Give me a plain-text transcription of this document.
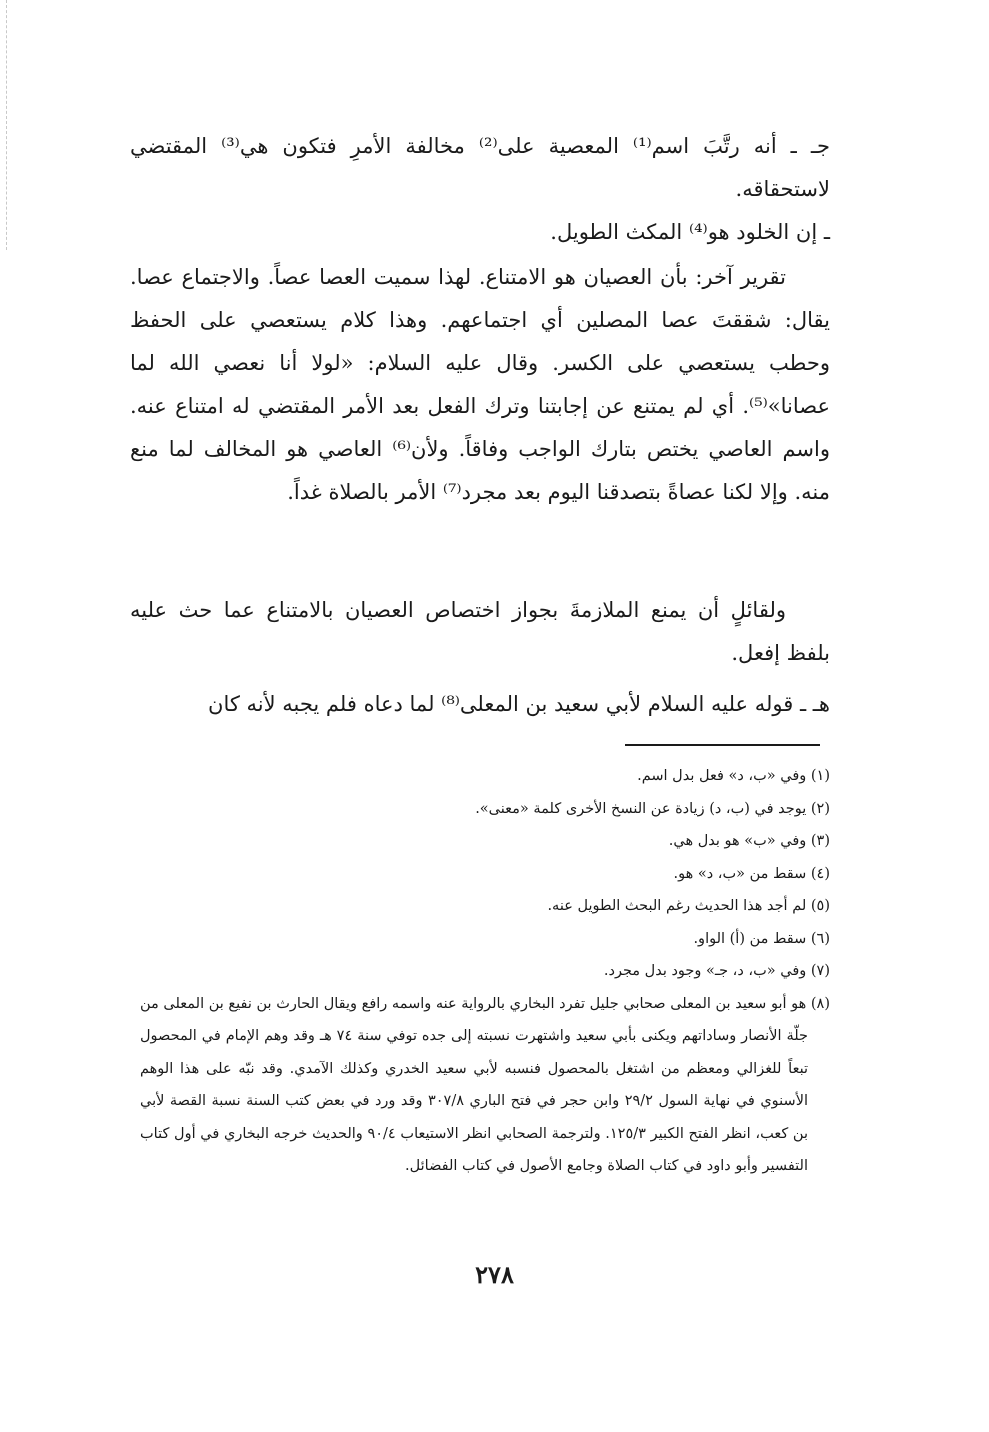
جـ ـ أنه رتَّبَ اسم⁽¹⁾ المعصية على⁽²⁾ مخالفة الأمرِ فتكون هي⁽³⁾ المقتضي لاستحقاقه.

ـ إن الخلود هو⁽⁴⁾ المكث الطويل.

تقرير آخر: بأن العصيان هو الامتناع. لهذا سميت العصا عصاً. والاجتماع عصا. يقال: شققتَ عصا المصلين أي اجتماعهم. وهذا كلام يستعصي على الحفظ وحطب يستعصي على الكسر. وقال عليه السلام: «لولا أنا نعصي الله لما عصانا»⁽⁵⁾. أي لم يمتنع عن إجابتنا وترك الفعل بعد الأمر المقتضي له امتناع عنه. واسم العاصي يختص بتارك الواجب وفاقاً. ولأن⁽⁶⁾ العاصي هو المخالف لما منع منه. وإلا لكنا عصاةً بتصدقنا اليوم بعد مجرد⁽⁷⁾ الأمر بالصلاة غداً.

ولقائلٍ أن يمنع الملازمةَ بجواز اختصاص العصيان بالامتناع عما حث عليه بلفظ إفعل.

هـ ـ قوله عليه السلام لأبي سعيد بن المعلى⁽⁸⁾ لما دعاه فلم يجبه لأنه كان

(١) وفي «ب، د» فعل بدل اسم.

(٢) يوجد في (ب، د) زيادة عن النسخ الأخرى كلمة «معنى».

(٣) وفي «ب» هو بدل هي.

(٤) سقط من «ب، د» هو.

(٥) لم أجد هذا الحديث رغم البحث الطويل عنه.

(٦) سقط من (أ) الواو.

(٧) وفي «ب، د، جـ» وجود بدل مجرد.

(٨) هو أبو سعيد بن المعلى صحابي جليل تفرد البخاري بالرواية عنه واسمه رافع ويقال الحارث بن نفيع بن المعلى من جلّة الأنصار وساداتهم ويكنى بأبي سعيد واشتهرت نسبته إلى جده توفي سنة ٧٤ هـ وقد وهم الإمام في المحصول تبعاً للغزالي ومعظم من اشتغل بالمحصول فنسبه لأبي سعيد الخدري وكذلك الآمدي. وقد نبّه على هذا الوهم الأسنوي في نهاية السول ٢٩/٢ وابن حجر في فتح الباري ٣٠٧/٨ وقد ورد في بعض كتب السنة نسبة القصة لأبي بن كعب، انظر الفتح الكبير ١٢٥/٣. ولترجمة الصحابي انظر الاستيعاب ٩٠/٤ والحديث خرجه البخاري في أول كتاب التفسير وأبو داود في كتاب الصلاة وجامع الأصول في كتاب الفضائل.

٢٧٨
